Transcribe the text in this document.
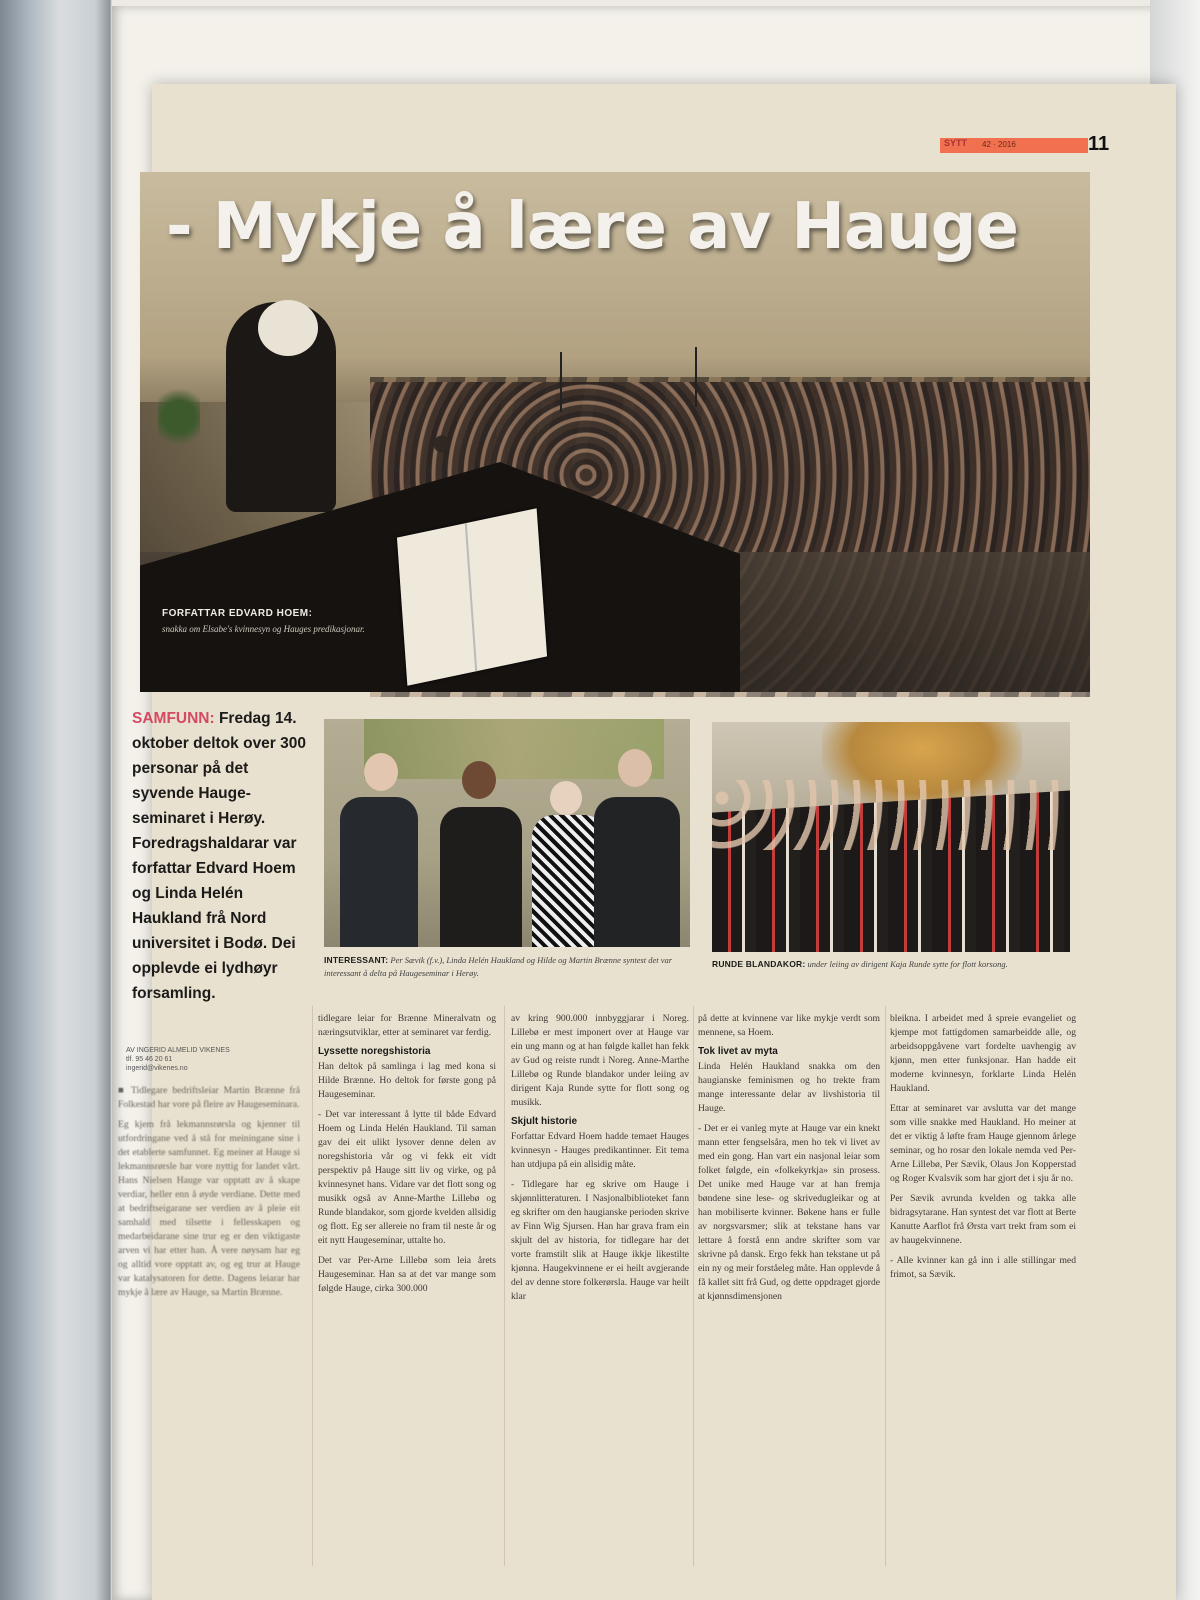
SYTT 42 · 2016	11
- Mykje å lære av Hauge
FORFATTAR EDVARD HOEM:
snakka om Elsabe's kvinnesyn og Hauges predikasjonar.
SAMFUNN: Fredag 14. oktober deltok over 300 personar på det syvende Hauge-seminaret i Herøy. Foredragshaldarar var forfattar Edvard Hoem og Linda Helén Haukland frå Nord universitet i Bodø. Dei opplevde ei lydhøyr forsamling.
AV INGERID ALMELID VIKENES
tlf. 95 46 20 61
ingerid@vikenes.no
INTERESSANT: Per Sævik (f.v.), Linda Helén Haukland og Hilde og Martin Brænne syntest det var interessant å delta på Haugeseminar i Herøy.
RUNDE BLANDAKOR: under leiing av dirigent Kaja Runde sytte for flott korsong.

■ Tidlegare bedriftsleiar Martin Brænne frå Folkestad har vore på fleire av Haugeseminara.

Eg kjem frå lekmannsrørsla og kjenner til utfordringane ved å stå for meiningane sine i det etablerte samfunnet. Eg meiner at Hauge si lekmannsrørsle har vore nyttig for landet vårt. Hans Nielsen Hauge var opptatt av å skape verdiar, heller enn å øyde verdiane. Dette med at bedriftseigarane ser verdien av å pleie eit samhald med tilsette i fellesskapen og medarbeidarane sine trur eg er den viktigaste arven vi har etter han. Å vere nøysam har eg og alltid vore opptatt av, og eg trur at Hauge var katalysatoren for dette. Dagens leiarar har mykje å lære av Hauge, sa Martin Brænne.

tidlegare leiar for Brænne Mineralvatn og næringsutviklar, etter at seminaret var ferdig.

Lyssette noregshistoria

Han deltok på samlinga i lag med kona si Hilde Brænne. Ho deltok for første gong på Haugeseminar.

- Det var interessant å lytte til både Edvard Hoem og Linda Helén Haukland. Til saman gav dei eit ulikt lysover denne delen av noregshistoria vår og vi fekk eit vidt perspektiv på Hauge sitt liv og virke, og på kvinnesynet hans. Vidare var det flott song og musikk også av Anne-Marthe Lillebø og Runde blandakor, som gjorde kvelden allsidig og flott. Eg ser allereie no fram til neste år og eit nytt Haugeseminar, uttalte ho.

Det var Per-Arne Lillebø som leia årets Haugeseminar. Han sa at det var mange som følgde Hauge, cirka 300.000

av kring 900.000 innbyggjarar i Noreg. Lillebø er mest imponert over at Hauge var ein ung mann og at han følgde kallet han fekk av Gud og reiste rundt i Noreg. Anne-Marthe Lillebø og Runde blandakor under leiing av dirigent Kaja Runde sytte for flott song og musikk.

Skjult historie

Forfattar Edvard Hoem hadde temaet Hauges kvinnesyn - Hauges predikantinner. Eit tema han utdjupa på ein allsidig måte.

- Tidlegare har eg skrive om Hauge i skjønnlitteraturen. I Nasjonalbiblioteket fann eg skrifter om den haugianske perioden skrive av Finn Wig Sjursen. Han har grava fram ein skjult del av historia, for tidlegare har det vorte framstilt slik at Hauge ikkje likestilte kjønna. Haugekvinnene er ei heilt avgjerande del av denne store folkerørsla. Hauge var heilt klar

på dette at kvinnene var like mykje verdt som mennene, sa Hoem.

Tok livet av myta

Linda Helén Haukland snakka om den haugianske feminismen og ho trekte fram mange interessante delar av livshistoria til Hauge.

- Det er ei vanleg myte at Hauge var ein knekt mann etter fengselsåra, men ho tek vi livet av med ein gong. Han vart ein nasjonal leiar som folket følgde, ein «folkekyrkja» sin prosess. Det unike med Hauge var at han fremja bøndene sine lese- og skrivedugleikar og at han mobiliserte kvinner. Bøkene hans er fulle av norgsvarsmer; slik at tekstane hans var lettare å forstå enn andre skrifter som var skrivne på dansk. Ergo fekk han tekstane ut på ein ny og meir forståeleg måte. Han opplevde å få kallet sitt frå Gud, og dette oppdraget gjorde at kjønnsdimensjonen

bleikna. I arbeidet med å spreie evangeliet og kjempe mot fattigdomen samarbeidde alle, og arbeidsoppgåvene vart fordelte uavhengig av kjønn, men etter funksjonar. Han hadde eit moderne kvinnesyn, forklarte Linda Helén Haukland.

Ettar at seminaret var avslutta var det mange som ville snakke med Haukland. Ho meiner at det er viktig å løfte fram Hauge gjennom årlege seminar, og ho rosar den lokale nemda ved Per-Arne Lillebø, Per Sævik, Olaus Jon Kopperstad og Roger Kvalsvik som har gjort det i sju år no.

Per Sævik avrunda kvelden og takka alle bidragsytarane. Han syntest det var flott at Berte Kanutte Aarflot frå Ørsta vart trekt fram som ei av haugekvinnene.

- Alle kvinner kan gå inn i alle stillingar med frimot, sa Sævik.
